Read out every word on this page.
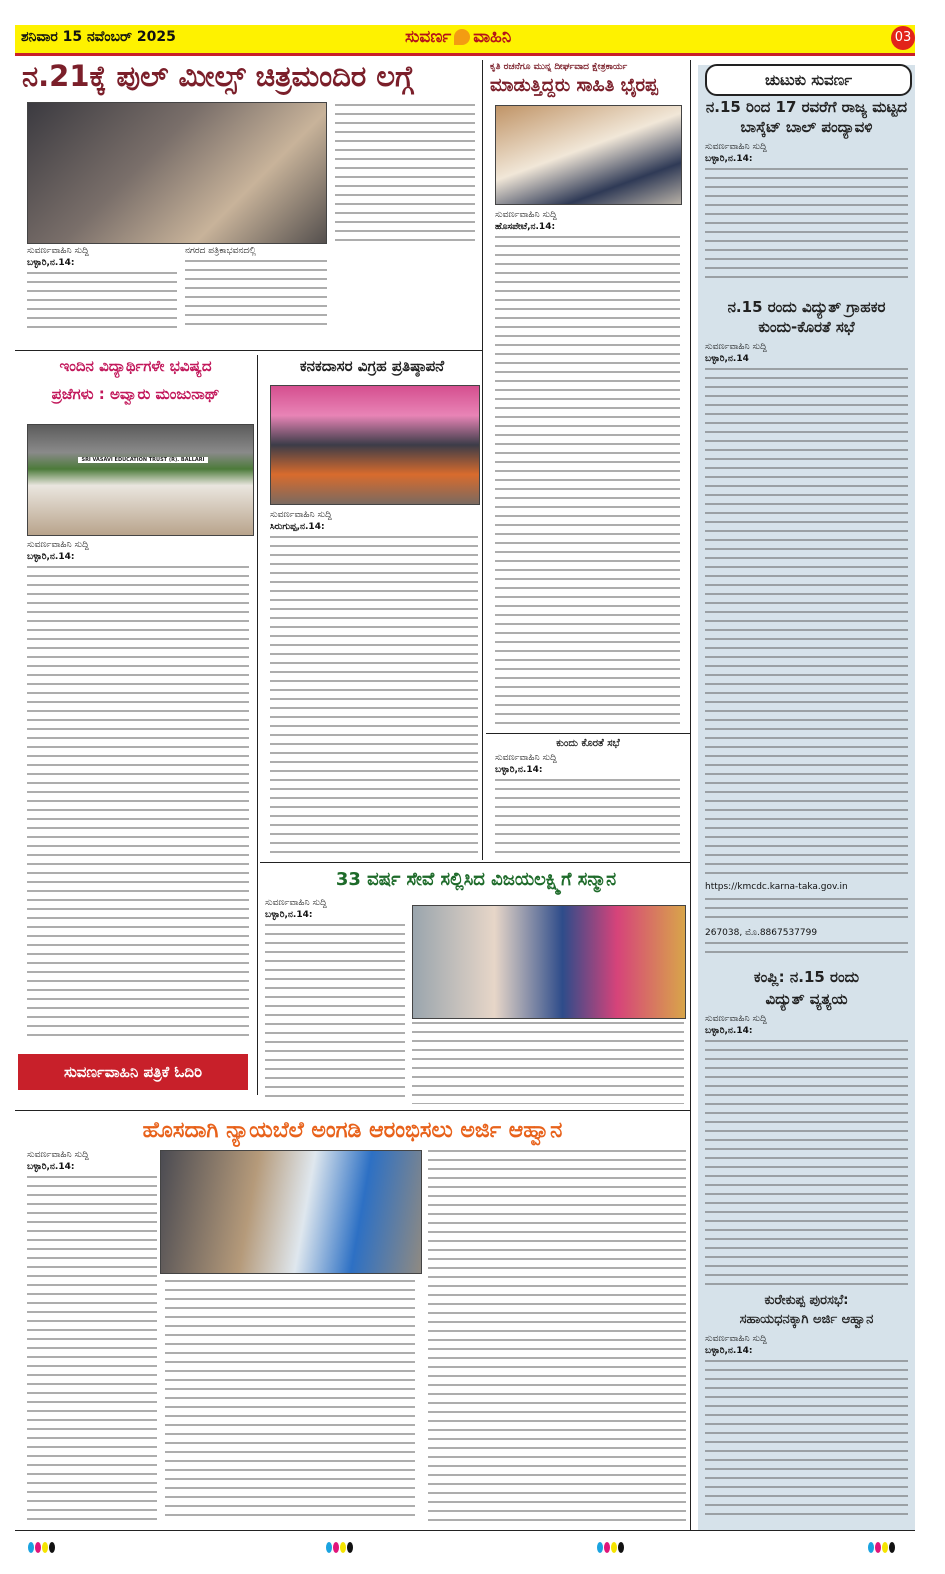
ಶನಿವಾರ 15 ನವೆಂಬರ್ 2025	ಸುವರ್ಣ ವಾಹಿನಿ	03
ನ.21ಕ್ಕೆ ಪುಲ್ ಮೀಲ್ಸ್ ಚಿತ್ರಮಂದಿರ ಲಗ್ಗೆ
ಸುವರ್ಣವಾಹಿನಿ ಸುದ್ದಿ
ಬಳ್ಳಾರಿ,ನ.14:
ನಗರದ ಪತ್ರಿಕಾಭವನದಲ್ಲಿ
ಕೃತಿ ರಚನೆಗೂ ಮುನ್ನ ದೀರ್ಘವಾದ ಕ್ಷೇತ್ರಕಾರ್ಯ
ಮಾಡುತ್ತಿದ್ದರು ಸಾಹಿತಿ ಭೈರಪ್ಪ
ಸುವರ್ಣವಾಹಿನಿ ಸುದ್ದಿ
ಹೊಸಪೇಟೆ,ನ.14:
ಕುಂದು ಕೊರತೆ ಸಭೆ
ಸುವರ್ಣವಾಹಿನಿ ಸುದ್ದಿ
ಬಳ್ಳಾರಿ,ನ.14:
ಇಂದಿನ ವಿದ್ಯಾರ್ಥಿಗಳೇ ಭವಿಷ್ಯದ
ಪ್ರಜೆಗಳು : ಅವ್ವಾರು ಮಂಜುನಾಥ್
SRI VASAVI EDUCATION TRUST (R). BALLARI
ಸುವರ್ಣವಾಹಿನಿ ಸುದ್ದಿ
ಬಳ್ಳಾರಿ,ನ.14:
ಕನಕದಾಸರ ವಿಗ್ರಹ ಪ್ರತಿಷ್ಠಾಪನೆ
ಸುವರ್ಣವಾಹಿನಿ ಸುದ್ದಿ
ಸಿರುಗುಪ್ಪ,ನ.14:
33 ವರ್ಷ ಸೇವೆ ಸಲ್ಲಿಸಿದ ವಿಜಯಲಕ್ಷ್ಮಿಗೆ ಸನ್ಮಾನ
ಸುವರ್ಣವಾಹಿನಿ ಸುದ್ದಿ
ಬಳ್ಳಾರಿ,ನ.14:
ಸುವರ್ಣವಾಹಿನಿ ಪತ್ರಿಕೆ ಓದಿರಿ
ಹೊಸದಾಗಿ ನ್ಯಾಯಬೆಲೆ ಅಂಗಡಿ ಆರಂಭಿಸಲು ಅರ್ಜಿ ಆಹ್ವಾನ
ಸುವರ್ಣವಾಹಿನಿ ಸುದ್ದಿ
ಬಳ್ಳಾರಿ,ನ.14:
ಚುಟುಕು ಸುವರ್ಣ
ನ.15 ರಿಂದ 17 ರವರೆಗೆ ರಾಜ್ಯ ಮಟ್ಟದ
ಬಾಸ್ಕೆಟ್ ಬಾಲ್ ಪಂದ್ಯಾವಳಿ
ಸುವರ್ಣವಾಹಿನಿ ಸುದ್ದಿ
ಬಳ್ಳಾರಿ,ನ.14:
ನ.15 ರಂದು ವಿದ್ಯುತ್ ಗ್ರಾಹಕರ
ಕುಂದು-ಕೊರತೆ ಸಭೆ
ಸುವರ್ಣವಾಹಿನಿ ಸುದ್ದಿ
ಬಳ್ಳಾರಿ,ನ.14
https://kmcdc.karna-taka.gov.in
267038, ಮೊ.8867537799
ಕಂಪ್ಲಿ: ನ.15 ರಂದು
ವಿದ್ಯುತ್ ವ್ಯತ್ಯಯ
ಸುವರ್ಣವಾಹಿನಿ ಸುದ್ದಿ
ಬಳ್ಳಾರಿ,ನ.14:
ಕುರೇಕುಪ್ಪ ಪುರಸಭೆ:
ಸಹಾಯಧನಕ್ಕಾಗಿ ಅರ್ಜಿ ಆಹ್ವಾನ
ಸುವರ್ಣವಾಹಿನಿ ಸುದ್ದಿ
ಬಳ್ಳಾರಿ,ನ.14:
